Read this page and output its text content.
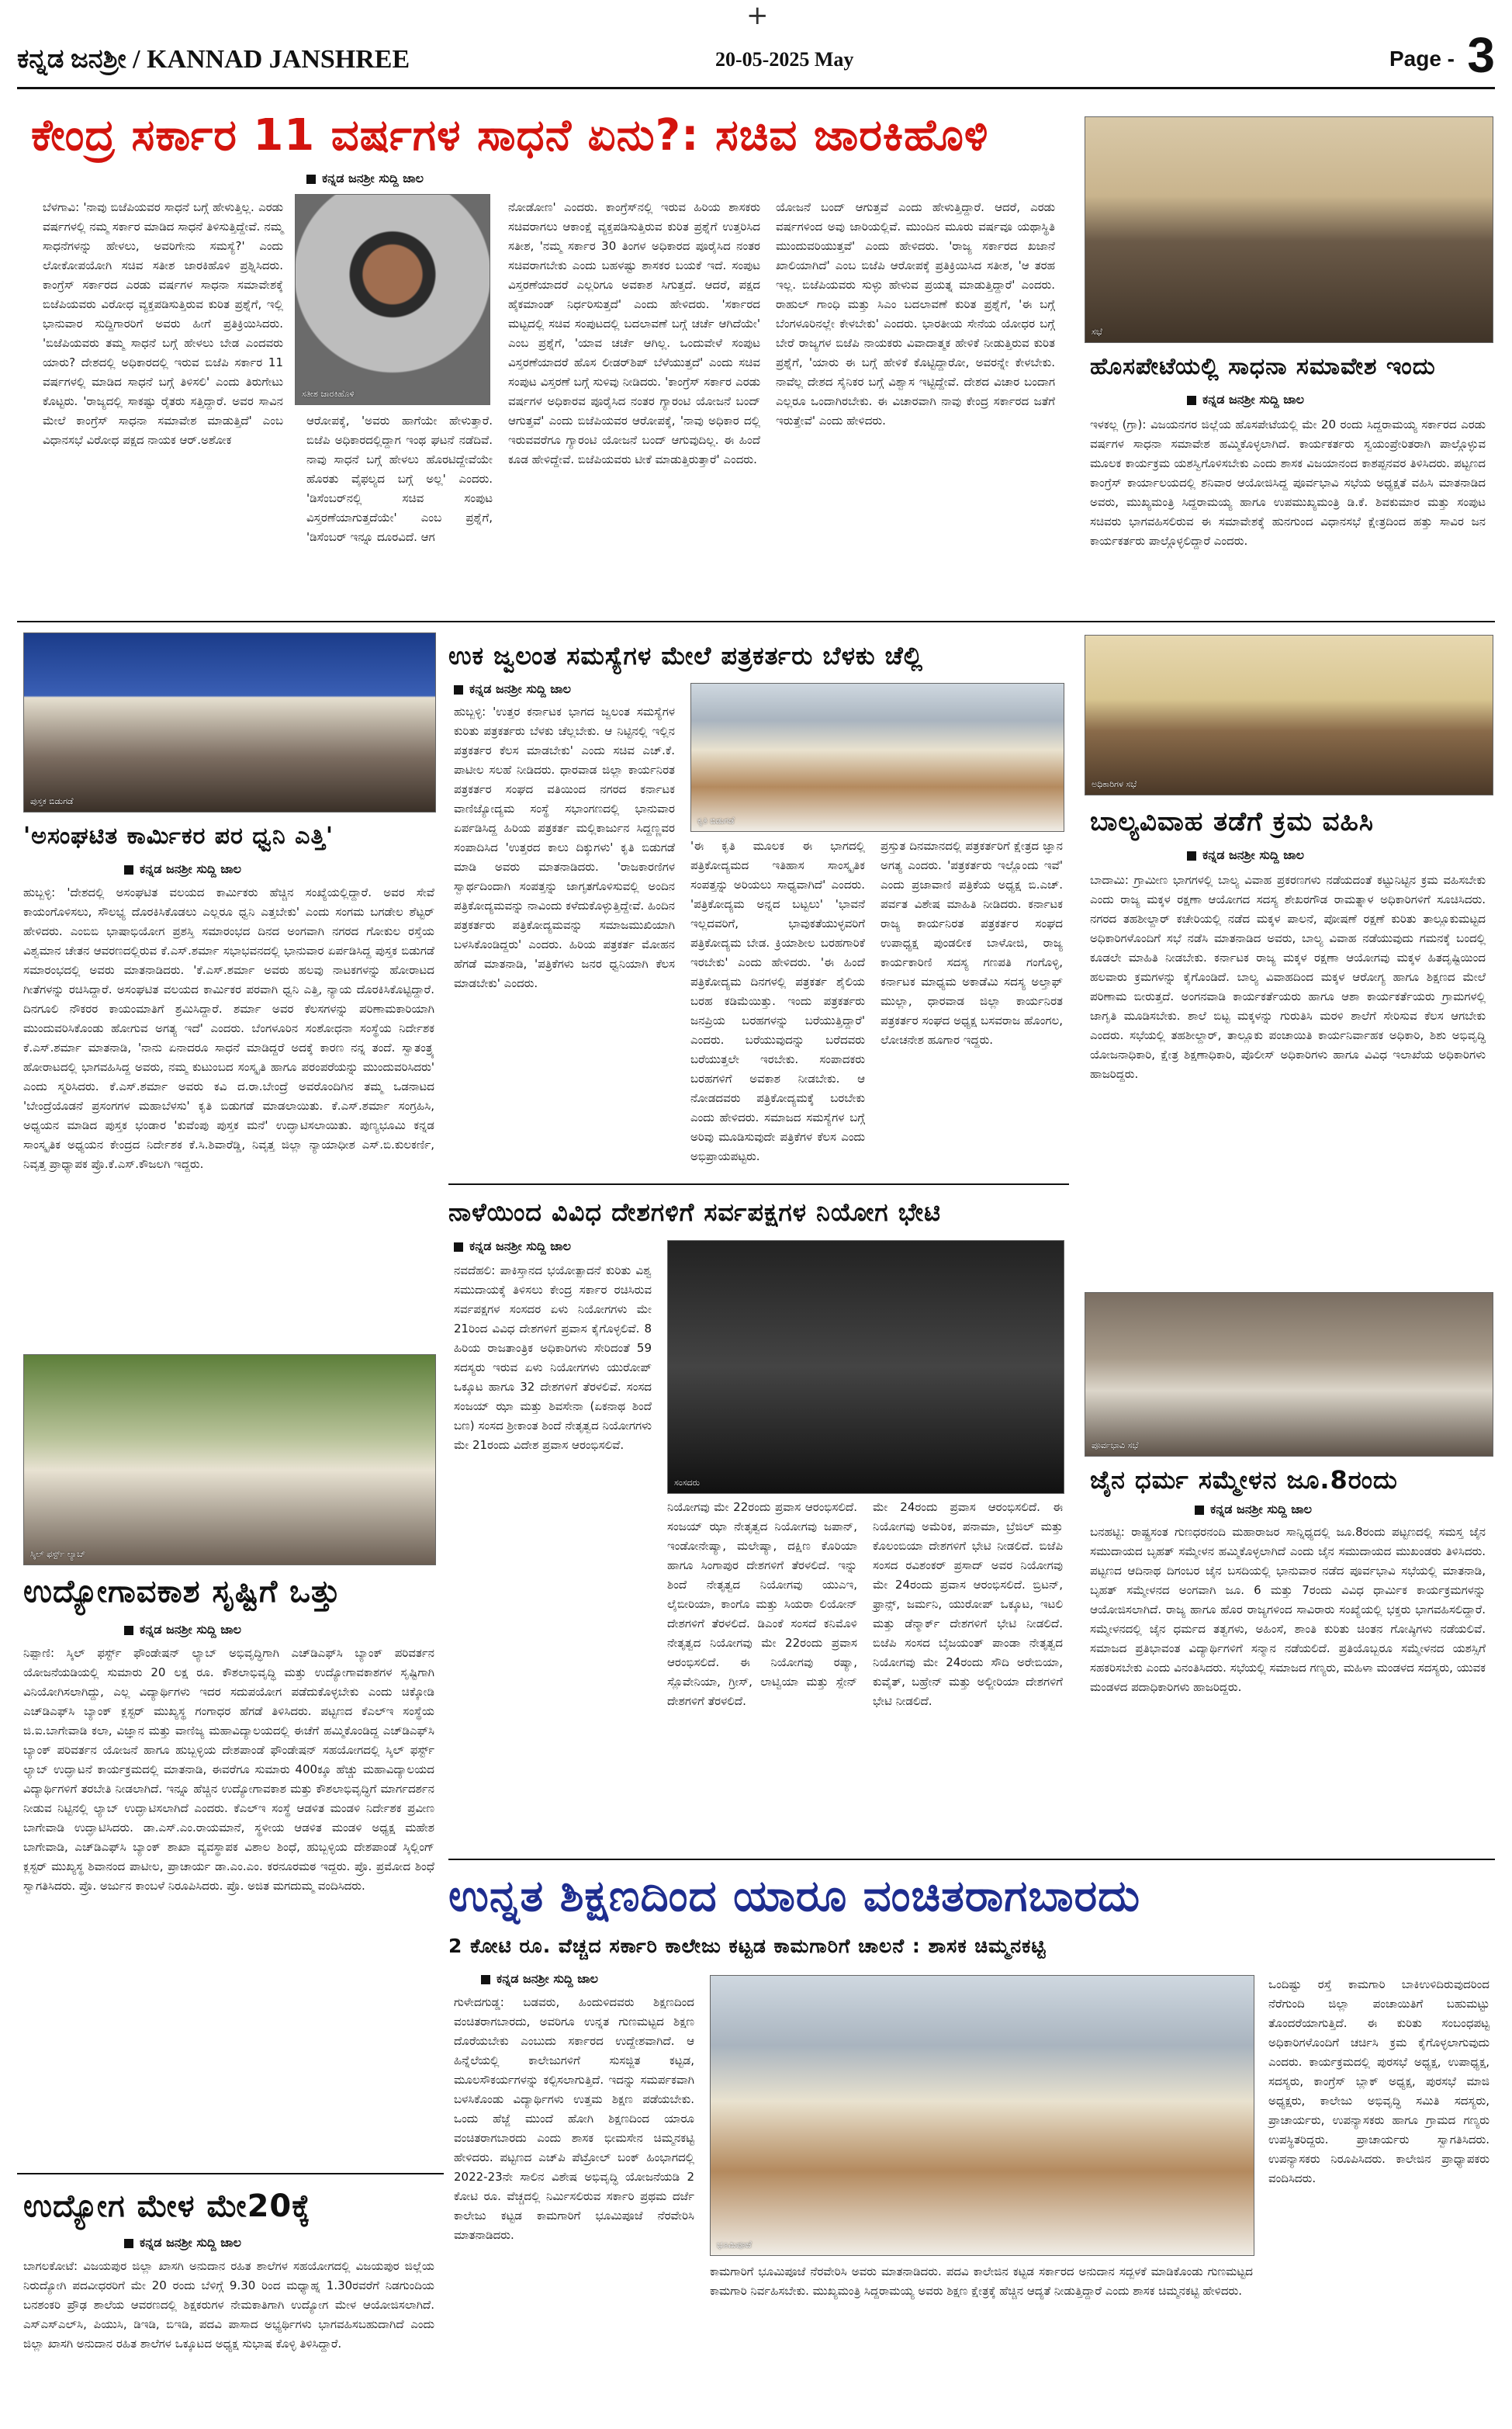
+
ಕನ್ನಡ ಜನಶ್ರೀ / KANNAD JANSHREE	20-05-2025 May	Page - 3
ಕೇಂದ್ರ ಸರ್ಕಾರ 11 ವರ್ಷಗಳ ಸಾಧನೆ ಏನು?: ಸಚಿವ ಜಾರಕಿಹೊಳಿ
ಕನ್ನಡ ಜನಶ್ರೀ ಸುದ್ದಿ ಜಾಲ
ಸತೀಶ ಜಾರಕಿಹೊಳಿ
ಬೆಳಗಾವಿ: 'ನಾವು ಬಿಜೆಪಿಯವರ ಸಾಧನೆ ಬಗ್ಗೆ ಹೇಳುತ್ತಿಲ್ಲ. ಎರಡು ವರ್ಷಗಳಲ್ಲಿ ನಮ್ಮ ಸರ್ಕಾರ ಮಾಡಿದ ಸಾಧನೆ ತಿಳಿಸುತ್ತಿದ್ದೇವೆ. ನಮ್ಮ ಸಾಧನೆಗಳನ್ನು ಹೇಳಲು, ಅವರಿಗೇನು ಸಮಸ್ಯೆ?' ಎಂದು ಲೋಕೋಪಯೋಗಿ ಸಚಿವ ಸತೀಶ ಜಾರಕಿಹೊಳಿ ಪ್ರಶ್ನಿಸಿದರು. ಕಾಂಗ್ರೆಸ್ ಸರ್ಕಾರದ ಎರಡು ವರ್ಷಗಳ ಸಾಧನಾ ಸಮಾವೇಶಕ್ಕೆ ಬಿಜೆಪಿಯವರು ವಿರೋಧ ವ್ಯಕ್ತಪಡಿಸುತ್ತಿರುವ ಕುರಿತ ಪ್ರಶ್ನೆಗೆ, ಇಲ್ಲಿ ಭಾನುವಾರ ಸುದ್ದಿಗಾರರಿಗೆ ಅವರು ಹೀಗೆ ಪ್ರತಿಕ್ರಿಯಿಸಿದರು. 'ಬಿಜೆಪಿಯವರು ತಮ್ಮ ಸಾಧನೆ ಬಗ್ಗೆ ಹೇಳಲು ಬೇಡ ಎಂದವರು ಯಾರು? ದೇಶದಲ್ಲಿ ಅಧಿಕಾರದಲ್ಲಿ ಇರುವ ಬಿಜೆಪಿ ಸರ್ಕಾರ 11 ವರ್ಷಗಳಲ್ಲಿ ಮಾಡಿದ ಸಾಧನೆ ಬಗ್ಗೆ ತಿಳಿಸಲಿ' ಎಂದು ತಿರುಗೇಟು ಕೊಟ್ಟರು. 'ರಾಜ್ಯದಲ್ಲಿ ಸಾಕಷ್ಟು ರೈತರು ಸತ್ತಿದ್ದಾರೆ. ಅವರ ಸಾವಿನ ಮೇಲೆ ಕಾಂಗ್ರೆಸ್ ಸಾಧನಾ ಸಮಾವೇಶ ಮಾಡುತ್ತಿದೆ' ಎಂಬ ವಿಧಾನಸಭೆ ವಿರೋಧ ಪಕ್ಷದ ನಾಯಕ ಆರ್.ಅಶೋಕ
ಆರೋಪಕ್ಕೆ, 'ಅವರು ಹಾಗೆಯೇ ಹೇಳುತ್ತಾರೆ. ಬಿಜೆಪಿ ಅಧಿಕಾರದಲ್ಲಿದ್ದಾಗ ಇಂಥ ಘಟನೆ ನಡೆದಿವೆ. ನಾವು ಸಾಧನೆ ಬಗ್ಗೆ ಹೇಳಲು ಹೊರಟಿದ್ದೇವೆಯೇ ಹೊರತು ವೈಫಲ್ಯದ ಬಗ್ಗೆ ಅಲ್ಲ' ಎಂದರು. 'ಡಿಸೆಂಬರ್‌ನಲ್ಲಿ ಸಚಿವ ಸಂಪುಟ ವಿಸ್ತರಣೆಯಾಗುತ್ತದೆಯೇ' ಎಂಬ ಪ್ರಶ್ನೆಗೆ, 'ಡಿಸೆಂಬರ್ ಇನ್ನೂ ದೂರವಿದೆ. ಆಗ
ನೋಡೋಣ' ಎಂದರು. ಕಾಂಗ್ರೆಸ್‌ನಲ್ಲಿ ಇರುವ ಹಿರಿಯ ಶಾಸಕರು ಸಚಿವರಾಗಲು ಆಕಾಂಕ್ಷೆ ವ್ಯಕ್ತಪಡಿಸುತ್ತಿರುವ ಕುರಿತ ಪ್ರಶ್ನೆಗೆ ಉತ್ತರಿಸಿದ ಸತೀಶ, 'ನಮ್ಮ ಸರ್ಕಾರ 30 ತಿಂಗಳ ಅಧಿಕಾರದ ಪೂರೈಸಿದ ನಂತರ ಸಚಿವರಾಗಬೇಕು ಎಂದು ಬಹಳಷ್ಟು ಶಾಸಕರ ಬಯಕೆ ಇದೆ. ಸಂಪುಟ ವಿಸ್ತರಣೆಯಾದರೆ ಎಲ್ಲರಿಗೂ ಅವಕಾಶ ಸಿಗುತ್ತದೆ. ಆದರೆ, ಪಕ್ಷದ ಹೈಕಮಾಂಡ್ ನಿರ್ಧರಿಸುತ್ತದೆ' ಎಂದು ಹೇಳಿದರು. 'ಸರ್ಕಾರದ ಮಟ್ಟದಲ್ಲಿ ಸಚಿವ ಸಂಪುಟದಲ್ಲಿ ಬದಲಾವಣೆ ಬಗ್ಗೆ ಚರ್ಚೆ ಆಗಿದೆಯೇ' ಎಂಬ ಪ್ರಶ್ನೆಗೆ, 'ಯಾವ ಚರ್ಚೆ ಆಗಿಲ್ಲ. ಒಂದುವೇಳೆ ಸಂಪುಟ ವಿಸ್ತರಣೆಯಾದರೆ ಹೊಸ ಲೀಡರ್‌ಶಿಪ್ ಬೆಳೆಯುತ್ತದೆ' ಎಂದು ಸಚಿವ ಸಂಪುಟ ವಿಸ್ತರಣೆ ಬಗ್ಗೆ ಸುಳಿವು ನೀಡಿದರು. 'ಕಾಂಗ್ರೆಸ್ ಸರ್ಕಾರ ಎರಡು ವರ್ಷಗಳ ಅಧಿಕಾರವ ಪೂರೈಸಿದ ನಂತರ ಗ್ಯಾರಂಟಿ ಯೋಜನೆ ಬಂದ್ ಆಗುತ್ತವೆ' ಎಂದು ಬಿಜೆಪಿಯವರ ಆರೋಪಕ್ಕೆ, 'ನಾವು ಅಧಿಕಾರ ದಲ್ಲಿ ಇರುವವರೆಗೂ ಗ್ಯಾರಂಟಿ ಯೋಜನೆ ಬಂದ್ ಆಗುವುದಿಲ್ಲ. ಈ ಹಿಂದೆ ಕೂಡ ಹೇಳಿದ್ದೇವೆ. ಬಿಜೆಪಿಯವರು ಟೀಕೆ ಮಾಡುತ್ತಿರುತ್ತಾರೆ' ಎಂದರು.
ಯೋಜನೆ ಬಂದ್ ಆಗುತ್ತವೆ ಎಂದು ಹೇಳುತ್ತಿದ್ದಾರೆ. ಆದರೆ, ಎರಡು ವರ್ಷಗಳಿಂದ ಅವು ಜಾರಿಯಲ್ಲಿವೆ. ಮುಂದಿನ ಮೂರು ವರ್ಷವೂ ಯಥಾಸ್ಥಿತಿ ಮುಂದುವರಿಯುತ್ತವೆ' ಎಂದು ಹೇಳಿದರು. 'ರಾಜ್ಯ ಸರ್ಕಾರದ ಖಜಾನೆ ಖಾಲಿಯಾಗಿದೆ' ಎಂಬ ಬಿಜೆಪಿ ಆರೋಪಕ್ಕೆ ಪ್ರತಿಕ್ರಿಯಿಸಿದ ಸತೀಶ, 'ಆ ತರಹ ಇಲ್ಲ. ಬಿಜೆಪಿಯವರು ಸುಳ್ಳು ಹೇಳುವ ಪ್ರಯತ್ನ ಮಾಡುತ್ತಿದ್ದಾರೆ' ಎಂದರು. ರಾಹುಲ್ ಗಾಂಧಿ ಮತ್ತು ಸಿಎಂ ಬದಲಾವಣೆ ಕುರಿತ ಪ್ರಶ್ನೆಗೆ, 'ಈ ಬಗ್ಗೆ ಬೆಂಗಳೂರಿನಲ್ಲೇ ಕೇಳಬೇಕು' ಎಂದರು. ಭಾರತೀಯ ಸೇನೆಯ ಯೋಧರ ಬಗ್ಗೆ ಬೇರೆ ರಾಜ್ಯಗಳ ಬಿಜೆಪಿ ನಾಯಕರು ವಿವಾದಾತ್ಮಕ ಹೇಳಿಕೆ ನೀಡುತ್ತಿರುವ ಕುರಿತ ಪ್ರಶ್ನೆಗೆ, 'ಯಾರು ಈ ಬಗ್ಗೆ ಹೇಳಿಕೆ ಕೊಟ್ಟಿದ್ದಾರೋ, ಅವರನ್ನೇ ಕೇಳಬೇಕು. ನಾವೆಲ್ಲ ದೇಶದ ಸೈನಿಕರ ಬಗ್ಗೆ ವಿಶ್ವಾಸ ಇಟ್ಟಿದ್ದೇವೆ. ದೇಶದ ವಿಚಾರ ಬಂದಾಗ ಎಲ್ಲರೂ ಒಂದಾಗಿರಬೇಕು. ಈ ವಿಚಾರವಾಗಿ ನಾವು ಕೇಂದ್ರ ಸರ್ಕಾರದ ಜತೆಗೆ ಇರುತ್ತೇವೆ' ಎಂದು ಹೇಳಿದರು.
ಸಭೆ
ಹೊಸಪೇಟೆಯಲ್ಲಿ ಸಾಧನಾ ಸಮಾವೇಶ ಇಂದು
ಕನ್ನಡ ಜನಶ್ರೀ ಸುದ್ದಿ ಜಾಲ
ಇಳಕಲ್ಲ (ಗ್ರಾ): ವಿಜಯನಗರ ಜಿಲ್ಲೆಯ ಹೊಸಪೇಟೆಯಲ್ಲಿ ಮೇ 20 ರಂದು ಸಿದ್ದರಾಮಯ್ಯ ಸರ್ಕಾರದ ಎರಡು ವರ್ಷಗಳ ಸಾಧನಾ ಸಮಾವೇಶ ಹಮ್ಮಿಕೊಳ್ಳಲಾಗಿದೆ. ಕಾರ್ಯಕರ್ತರು ಸ್ವಯಂಪ್ರೇರಿತರಾಗಿ ಪಾಲ್ಗೊಳ್ಳುವ ಮೂಲಕ ಕಾರ್ಯಕ್ರಮ ಯಶಸ್ವಿಗೊಳಿಸಬೇಕು ಎಂದು ಶಾಸಕ ವಿಜಯಾನಂದ ಕಾಶಪ್ಪನವರ ತಿಳಿಸಿದರು. ಪಟ್ಟಣದ ಕಾಂಗ್ರೆಸ್ ಕಾರ್ಯಾಲಯದಲ್ಲಿ ಶನಿವಾರ ಆಯೋಜಿಸಿದ್ದ ಪೂರ್ವಭಾವಿ ಸಭೆಯ ಅಧ್ಯಕ್ಷತೆ ವಹಿಸಿ ಮಾತನಾಡಿದ ಅವರು, ಮುಖ್ಯಮಂತ್ರಿ ಸಿದ್ದರಾಮಯ್ಯ ಹಾಗೂ ಉಪಮುಖ್ಯಮಂತ್ರಿ ಡಿ.ಕೆ. ಶಿವಕುಮಾರ ಮತ್ತು ಸಂಪುಟ ಸಚಿವರು ಭಾಗವಹಿಸಲಿರುವ ಈ ಸಮಾವೇಶಕ್ಕೆ ಹುನಗುಂದ ವಿಧಾನಸಭೆ ಕ್ಷೇತ್ರದಿಂದ ಹತ್ತು ಸಾವಿರ ಜನ ಕಾರ್ಯಕರ್ತರು ಪಾಲ್ಗೊಳ್ಳಲಿದ್ದಾರೆ ಎಂದರು.
ಪುಸ್ತಕ ಬಿಡುಗಡೆ
'ಅಸಂಘಟಿತ ಕಾರ್ಮಿಕರ ಪರ ಧ್ವನಿ ಎತ್ತಿ'
ಕನ್ನಡ ಜನಶ್ರೀ ಸುದ್ದಿ ಜಾಲ
ಹುಬ್ಬಳ್ಳಿ: 'ದೇಶದಲ್ಲಿ ಅಸಂಘಟಿತ ವಲಯದ ಕಾರ್ಮಿಕರು ಹೆಚ್ಚಿನ ಸಂಖ್ಯೆಯಲ್ಲಿದ್ದಾರೆ. ಅವರ ಸೇವೆ ಕಾಯಂಗೊಳಿಸಲು, ಸೌಲಭ್ಯ ದೊರಕಿಸಿಕೊಡಲು ಎಲ್ಲರೂ ಧ್ವನಿ ಎತ್ತಬೇಕು' ಎಂದು ಸಂಗಮ ಬಗಡೇಲ ಶೆಟ್ಟರ್ ಹೇಳಿದರು. ಎಂಬಿಬಿ ಭಾಷಾಭಿಯೋಗ ಪ್ರಶಸ್ತಿ ಸಮಾರಂಭದ ದಿನದ ಅಂಗವಾಗಿ ನಗರದ ಗೋಕುಲ ರಸ್ತೆಯ ವಿಶ್ವಮಾನ ಚೇತನ ಆವರಣದಲ್ಲಿರುವ ಕೆ.ಎಸ್.ಶರ್ಮಾ ಸಭಾಭವನದಲ್ಲಿ ಭಾನುವಾರ ಏರ್ಪಡಿಸಿದ್ದ ಪುಸ್ತಕ ಬಿಡುಗಡೆ ಸಮಾರಂಭದಲ್ಲಿ ಅವರು ಮಾತನಾಡಿದರು. 'ಕೆ.ಎಸ್.ಶರ್ಮಾ ಅವರು ಹಲವು ನಾಟಕಗಳನ್ನು ಹೋರಾಟದ ಗೀತೆಗಳನ್ನು ರಚಿಸಿದ್ದಾರೆ. ಅಸಂಘಟಿತ ವಲಯದ ಕಾರ್ಮಿಕರ ಪರವಾಗಿ ಧ್ವನಿ ಎತ್ತಿ, ನ್ಯಾಯ ದೊರಕಿಸಿಕೊಟ್ಟಿದ್ದಾರೆ. ದಿನಗೂಲಿ ನೌಕರರ ಕಾಯಂಮಾತಿಗೆ ಶ್ರಮಿಸಿದ್ದಾರೆ. ಶರ್ಮಾ ಅವರ ಕೆಲಸಗಳನ್ನು ಪರಿಣಾಮಕಾರಿಯಾಗಿ ಮುಂದುವರಿಸಿಕೊಂಡು ಹೋಗುವ ಅಗತ್ಯ ಇದೆ' ಎಂದರು. ಬೆಂಗಳೂರಿನ ಸಂಶೋಧನಾ ಸಂಸ್ಥೆಯ ನಿರ್ದೇಶಕ ಕೆ.ಎಸ್.ಶರ್ಮಾ ಮಾತನಾಡಿ, 'ನಾನು ಏನಾದರೂ ಸಾಧನೆ ಮಾಡಿದ್ದರೆ ಅದಕ್ಕೆ ಕಾರಣ ನನ್ನ ತಂದೆ. ಸ್ವಾತಂತ್ರ್ಯ ಹೋರಾಟದಲ್ಲಿ ಭಾಗವಹಿಸಿದ್ದ ಅವರು, ನಮ್ಮ ಕುಟುಂಬದ ಸಂಸ್ಕೃತಿ ಹಾಗೂ ಪರಂಪರೆಯನ್ನು ಮುಂದುವರಿಸಿದರು' ಎಂದು ಸ್ಮರಿಸಿದರು. ಕೆ.ಎಸ್.ಶರ್ಮಾ ಅವರು ಕವಿ ದ.ರಾ.ಬೇಂದ್ರೆ ಅವರೊಂದಿಗಿನ ತಮ್ಮ ಒಡನಾಟದ 'ಬೇಂದ್ರೆಯೊಡನೆ ಪ್ರಸಂಗಗಳ ಮಹಾಬೆಳಸು' ಕೃತಿ ಬಿಡುಗಡೆ ಮಾಡಲಾಯಿತು. ಕೆ.ಎಸ್.ಶರ್ಮಾ ಸಂಗ್ರಹಿಸಿ, ಅಧ್ಯಯನ ಮಾಡಿದ ಪುಸ್ತಕ ಭಂಡಾರ 'ಕುವೆಂಪು ಪುಸ್ತಕ ಮನೆ' ಉದ್ಘಾಟಿಸಲಾಯಿತು. ಪುಣ್ಯಭೂಮಿ ಕನ್ನಡ ಸಾಂಸ್ಕೃತಿಕ ಅಧ್ಯಯನ ಕೇಂದ್ರದ ನಿರ್ದೇಶಕ ಕೆ.ಸಿ.ಶಿವಾರೆಡ್ಡಿ, ನಿವೃತ್ತ ಜಿಲ್ಲಾ ನ್ಯಾಯಾಧೀಶ ಎಸ್.ಬಿ.ಕುಲಕರ್ಣಿ, ನಿವೃತ್ತ ಪ್ರಾಧ್ಯಾಪಕ ಪ್ರೊ.ಕೆ.ಎಸ್.ಕೌಜಲಗಿ ಇದ್ದರು.
ಉಕ ಜ್ವಲಂತ ಸಮಸ್ಯೆಗಳ ಮೇಲೆ ಪತ್ರಕರ್ತರು ಬೆಳಕು ಚೆಲ್ಲಿ
ಕನ್ನಡ ಜನಶ್ರೀ ಸುದ್ದಿ ಜಾಲ
ಕೃತಿ ಬಿಡುಗಡೆ
ಹುಬ್ಬಳ್ಳಿ: 'ಉತ್ತರ ಕರ್ನಾಟಕ ಭಾಗದ ಜ್ವಲಂತ ಸಮಸ್ಯೆಗಳ ಕುರಿತು ಪತ್ರಕರ್ತರು ಬೆಳಕು ಚೆಲ್ಲಬೇಕು. ಆ ನಿಟ್ಟಿನಲ್ಲಿ ಇಲ್ಲಿನ ಪತ್ರಕರ್ತರ ಕೆಲಸ ಮಾಡಬೇಕು' ಎಂದು ಸಚಿವ ಎಚ್.ಕೆ. ಪಾಟೀಲ ಸಲಹೆ ನೀಡಿದರು. ಧಾರವಾಡ ಜಿಲ್ಲಾ ಕಾರ್ಯನಿರತ ಪತ್ರಕರ್ತರ ಸಂಘದ ವತಿಯಿಂದ ನಗರದ ಕರ್ನಾಟಕ ವಾಣಿಜ್ಯೋದ್ಯಮ ಸಂಸ್ಥೆ ಸಭಾಂಗಣದಲ್ಲಿ ಭಾನುವಾರ ಏರ್ಪಡಿಸಿದ್ದ ಹಿರಿಯ ಪತ್ರಕರ್ತ ಮಲ್ಲಿಕಾರ್ಜುನ ಸಿದ್ದಣ್ಣವರ ಸಂಪಾದಿಸಿದ 'ಉತ್ತರದ ಕಾಲು ದಿಕ್ಕುಗಳು' ಕೃತಿ ಬಿಡುಗಡೆ ಮಾಡಿ ಅವರು ಮಾತನಾಡಿದರು. 'ರಾಜಕಾರಣಿಗಳ ಸ್ವಾರ್ಥದಿಂದಾಗಿ ಸಂಪತ್ತನ್ನು ಜಾಗೃತಗೊಳಿಸುವಲ್ಲಿ ಅಂದಿನ ಪತ್ರಿಕೋದ್ಯಮವನ್ನು ನಾವಿಂದು ಕಳೆದುಕೊಳ್ಳುತ್ತಿದ್ದೇವೆ. ಹಿಂದಿನ ಪತ್ರಕರ್ತರು ಪತ್ರಿಕೋದ್ಯಮವನ್ನು ಸಮಾಜಮುಖಿಯಾಗಿ ಬಳಸಿಕೊಂಡಿದ್ದರು' ಎಂದರು. ಹಿರಿಯ ಪತ್ರಕರ್ತ ಮೋಹನ ಹೆಗಡೆ ಮಾತನಾಡಿ, 'ಪತ್ರಿಕೆಗಳು ಜನರ ಧ್ವನಿಯಾಗಿ ಕೆಲಸ ಮಾಡಬೇಕು' ಎಂದರು.
'ಈ ಕೃತಿ ಮೂಲಕ ಈ ಭಾಗದಲ್ಲಿ ಪತ್ರಿಕೋದ್ಯಮದ ಇತಿಹಾಸ ಸಾಂಸ್ಕೃತಿಕ ಸಂಪತ್ತನ್ನು ಅರಿಯಲು ಸಾಧ್ಯವಾಗಿದೆ' ಎಂದರು. 'ಪತ್ರಿಕೋದ್ಯಮ ಅನ್ನದ ಬಟ್ಟಲು' 'ಭಾವನೆ ಇಲ್ಲದವರಿಗೆ, ಭಾವುಕತೆಯುಳ್ಳವರಿಗೆ ಪತ್ರಿಕೋದ್ಯಮ ಬೇಡ. ಕ್ರಿಯಾಶೀಲ ಬರಹಗಾರಿಕೆ ಇರಬೇಕು' ಎಂದು ಹೇಳಿದರು. 'ಈ ಹಿಂದೆ ಪತ್ರಿಕೋದ್ಯಮ ದಿನಗಳಲ್ಲಿ ಪತ್ರಕರ್ತ ಶೈಲಿಯ ಬರಹ ಕಡಿಮೆಯಿತ್ತು. ಇಂದು ಪತ್ರಕರ್ತರು ಜನಪ್ರಿಯ ಬರಹಗಳನ್ನು ಬರೆಯುತ್ತಿದ್ದಾರೆ' ಎಂದರು. ಬರೆಯುವುದನ್ನು ಬರೆದವರು ಬರೆಯುತ್ತಲೇ ಇರಬೇಕು. ಸಂಪಾದಕರು ಬರಹಗಳಿಗೆ ಅವಕಾಶ ನೀಡಬೇಕು. ಆ ನೋಡದವರು ಪತ್ರಿಕೋದ್ಯಮಕ್ಕೆ ಬರಬೇಕು ಎಂದು ಹೇಳಿದರು. ಸಮಾಜದ ಸಮಸ್ಯೆಗಳ ಬಗ್ಗೆ ಅರಿವು ಮೂಡಿಸುವುದೇ ಪತ್ರಿಕೆಗಳ ಕೆಲಸ ಎಂದು ಅಭಿಪ್ರಾಯಪಟ್ಟರು.
ಪ್ರಸ್ತುತ ದಿನಮಾನದಲ್ಲಿ ಪತ್ರಕರ್ತರಿಗೆ ಕ್ಷೇತ್ರದ ಜ್ಞಾನ ಅಗತ್ಯ ಎಂದರು. 'ಪತ್ರಕರ್ತರು ಇಲ್ಲೊಂದು ಇವೆ' ಎಂದು ಪ್ರಜಾವಾಣಿ ಪತ್ರಿಕೆಯ ಅಧ್ಯಕ್ಷ ಬಿ.ಎಚ್. ಪರ್ವತ ವಿಶೇಷ ಮಾಹಿತಿ ನೀಡಿದರು. ಕರ್ನಾಟಕ ರಾಜ್ಯ ಕಾರ್ಯನಿರತ ಪತ್ರಕರ್ತರ ಸಂಘದ ಉಪಾಧ್ಯಕ್ಷ ಪುಂಡಲೀಕ ಬಾಳೋಜಿ, ರಾಜ್ಯ ಕಾರ್ಯಕಾರಿಣಿ ಸದಸ್ಯ ಗಣಪತಿ ಗಂಗೊಳ್ಳಿ, ಕರ್ನಾಟಕ ಮಾಧ್ಯಮ ಅಕಾಡೆಮಿ ಸದಸ್ಯ ಅಲ್ತಾಫ್ ಮುಲ್ಲಾ, ಧಾರವಾಡ ಜಿಲ್ಲಾ ಕಾರ್ಯನಿರತ ಪತ್ರಕರ್ತರ ಸಂಘದ ಅಧ್ಯಕ್ಷ ಬಸವರಾಜ ಹೊಂಗಲ, ಲೋಚನೇಶ ಹೂಗಾರ ಇದ್ದರು.
ಅಧಿಕಾರಿಗಳ ಸಭೆ
ಬಾಲ್ಯವಿವಾಹ ತಡೆಗೆ ಕ್ರಮ ವಹಿಸಿ
ಕನ್ನಡ ಜನಶ್ರೀ ಸುದ್ದಿ ಜಾಲ
ಬಾದಾಮಿ: ಗ್ರಾಮೀಣ ಭಾಗಗಳಲ್ಲಿ ಬಾಲ್ಯ ವಿವಾಹ ಪ್ರಕರಣಗಳು ನಡೆಯದಂತೆ ಕಟ್ಟುನಿಟ್ಟಿನ ಕ್ರಮ ವಹಿಸಬೇಕು ಎಂದು ರಾಜ್ಯ ಮಕ್ಕಳ ರಕ್ಷಣಾ ಆಯೋಗದ ಸದಸ್ಯ ಶೇಖರಗೌಡ ರಾಮತ್ನಾಳ ಅಧಿಕಾರಿಗಳಿಗೆ ಸೂಚಿಸಿದರು. ನಗರದ ತಹಶೀಲ್ದಾರ್ ಕಚೇರಿಯಲ್ಲಿ ನಡೆದ ಮಕ್ಕಳ ಪಾಲನೆ, ಪೋಷಣೆ ರಕ್ಷಣೆ ಕುರಿತು ತಾಲ್ಲೂಕುಮಟ್ಟದ ಅಧಿಕಾರಿಗಳೊಂದಿಗೆ ಸಭೆ ನಡೆಸಿ ಮಾತನಾಡಿದ ಅವರು, ಬಾಲ್ಯ ವಿವಾಹ ನಡೆಯುವುದು ಗಮನಕ್ಕೆ ಬಂದಲ್ಲಿ ಕೂಡಲೇ ಮಾಹಿತಿ ನೀಡಬೇಕು. ಕರ್ನಾಟಕ ರಾಜ್ಯ ಮಕ್ಕಳ ರಕ್ಷಣಾ ಆಯೋಗವು ಮಕ್ಕಳ ಹಿತದೃಷ್ಟಿಯಿಂದ ಹಲವಾರು ಕ್ರಮಗಳನ್ನು ಕೈಗೊಂಡಿದೆ. ಬಾಲ್ಯ ವಿವಾಹದಿಂದ ಮಕ್ಕಳ ಆರೋಗ್ಯ ಹಾಗೂ ಶಿಕ್ಷಣದ ಮೇಲೆ ಪರಿಣಾಮ ಬೀರುತ್ತದೆ. ಅಂಗನವಾಡಿ ಕಾರ್ಯಕರ್ತೆಯರು ಹಾಗೂ ಆಶಾ ಕಾರ್ಯಕರ್ತೆಯರು ಗ್ರಾಮಗಳಲ್ಲಿ ಜಾಗೃತಿ ಮೂಡಿಸಬೇಕು. ಶಾಲೆ ಬಿಟ್ಟ ಮಕ್ಕಳನ್ನು ಗುರುತಿಸಿ ಮರಳಿ ಶಾಲೆಗೆ ಸೇರಿಸುವ ಕೆಲಸ ಆಗಬೇಕು ಎಂದರು. ಸಭೆಯಲ್ಲಿ ತಹಶೀಲ್ದಾರ್, ತಾಲ್ಲೂಕು ಪಂಚಾಯಿತಿ ಕಾರ್ಯನಿರ್ವಾಹಕ ಅಧಿಕಾರಿ, ಶಿಶು ಅಭಿವೃದ್ಧಿ ಯೋಜನಾಧಿಕಾರಿ, ಕ್ಷೇತ್ರ ಶಿಕ್ಷಣಾಧಿಕಾರಿ, ಪೊಲೀಸ್ ಅಧಿಕಾರಿಗಳು ಹಾಗೂ ವಿವಿಧ ಇಲಾಖೆಯ ಅಧಿಕಾರಿಗಳು ಹಾಜರಿದ್ದರು.
ನಾಳೆಯಿಂದ ವಿವಿಧ ದೇಶಗಳಿಗೆ ಸರ್ವಪಕ್ಷಗಳ ನಿಯೋಗ ಭೇಟಿ
ಕನ್ನಡ ಜನಶ್ರೀ ಸುದ್ದಿ ಜಾಲ
ಸಂಸದರು
ನವದೆಹಲಿ: ಪಾಕಿಸ್ತಾನದ ಭಯೋತ್ಪಾದನೆ ಕುರಿತು ವಿಶ್ವ ಸಮುದಾಯಕ್ಕೆ ತಿಳಿಸಲು ಕೇಂದ್ರ ಸರ್ಕಾರ ರಚಿಸಿರುವ ಸರ್ವಪಕ್ಷಗಳ ಸಂಸದರ ಏಳು ನಿಯೋಗಗಳು ಮೇ 21ರಿಂದ ವಿವಿಧ ದೇಶಗಳಿಗೆ ಪ್ರವಾಸ ಕೈಗೊಳ್ಳಲಿವೆ. 8 ಹಿರಿಯ ರಾಜತಾಂತ್ರಿಕ ಅಧಿಕಾರಿಗಳು ಸೇರಿದಂತೆ 59 ಸದಸ್ಯರು ಇರುವ ಏಳು ನಿಯೋಗಗಳು ಯುರೋಪ್ ಒಕ್ಕೂಟ ಹಾಗೂ 32 ದೇಶಗಳಿಗೆ ತೆರಳಲಿವೆ. ಸಂಸದ ಸಂಜಯ್ ಝಾ ಮತ್ತು ಶಿವಸೇನಾ (ಏಕನಾಥ ಶಿಂದೆ ಬಣ) ಸಂಸದ ಶ್ರೀಕಾಂತ ಶಿಂದೆ ನೇತೃತ್ವದ ನಿಯೋಗಗಳು ಮೇ 21ರಂದು ವಿದೇಶ ಪ್ರವಾಸ ಆರಂಭಿಸಲಿವೆ.
ನಿಯೋಗವು ಮೇ 22ರಂದು ಪ್ರವಾಸ ಆರಂಭಿಸಲಿದೆ. ಸಂಜಯ್ ಝಾ ನೇತೃತ್ವದ ನಿಯೋಗವು ಜಪಾನ್, ಇಂಡೋನೇಷ್ಯಾ, ಮಲೇಷ್ಯಾ, ದಕ್ಷಿಣ ಕೊರಿಯಾ ಹಾಗೂ ಸಿಂಗಾಪುರ ದೇಶಗಳಿಗೆ ತೆರಳಲಿದೆ. ಇನ್ನು ಶಿಂದೆ ನೇತೃತ್ವದ ನಿಯೋಗವು ಯುಎಇ, ಲೈಬೀರಿಯಾ, ಕಾಂಗೊ ಮತ್ತು ಸಿಯರಾ ಲಿಯೋನ್ ದೇಶಗಳಿಗೆ ತೆರಳಲಿದೆ. ಡಿಎಂಕೆ ಸಂಸದೆ ಕನಿಮೊಳಿ ನೇತೃತ್ವದ ನಿಯೋಗವು ಮೇ 22ರಂದು ಪ್ರವಾಸ ಆರಂಭಿಸಲಿದೆ. ಈ ನಿಯೋಗವು ರಷ್ಯಾ, ಸ್ಲೊವೇನಿಯಾ, ಗ್ರೀಸ್, ಲಾಟ್ವಿಯಾ ಮತ್ತು ಸ್ಪೇನ್ ದೇಶಗಳಿಗೆ ತೆರಳಲಿದೆ.
ಮೇ 24ರಂದು ಪ್ರವಾಸ ಆರಂಭಿಸಲಿದೆ. ಈ ನಿಯೋಗವು ಅಮೆರಿಕ, ಪನಾಮಾ, ಬ್ರೆಜಿಲ್ ಮತ್ತು ಕೊಲಂಬಿಯಾ ದೇಶಗಳಿಗೆ ಭೇಟಿ ನೀಡಲಿದೆ. ಬಿಜೆಪಿ ಸಂಸದ ರವಿಶಂಕರ್ ಪ್ರಸಾದ್ ಅವರ ನಿಯೋಗವು ಮೇ 24ರಂದು ಪ್ರವಾಸ ಆರಂಭಿಸಲಿದೆ. ಬ್ರಿಟನ್, ಫ್ರಾನ್ಸ್, ಜರ್ಮನಿ, ಯುರೋಪ್ ಒಕ್ಕೂಟ, ಇಟಲಿ ಮತ್ತು ಡೆನ್ಮಾರ್ಕ್ ದೇಶಗಳಿಗೆ ಭೇಟಿ ನೀಡಲಿದೆ. ಬಿಜೆಪಿ ಸಂಸದ ಬೈಜಯಂತ್ ಪಾಂಡಾ ನೇತೃತ್ವದ ನಿಯೋಗವು ಮೇ 24ರಂದು ಸೌದಿ ಅರೇಬಿಯಾ, ಕುವೈತ್, ಬಹ್ರೇನ್ ಮತ್ತು ಅಲ್ಜೀರಿಯಾ ದೇಶಗಳಿಗೆ ಭೇಟಿ ನೀಡಲಿದೆ.
ಪೂರ್ವಭಾವಿ ಸಭೆ
ಜೈನ ಧರ್ಮ ಸಮ್ಮೇಳನ ಜೂ.8ರಂದು
ಕನ್ನಡ ಜನಶ್ರೀ ಸುದ್ದಿ ಜಾಲ
ಬನಹಟ್ಟಿ: ರಾಷ್ಟ್ರಸಂತ ಗುಣಧರನಂದಿ ಮಹಾರಾಜರ ಸಾನ್ನಿಧ್ಯದಲ್ಲಿ ಜೂ.8ರಂದು ಪಟ್ಟಣದಲ್ಲಿ ಸಮಸ್ತ ಜೈನ ಸಮುದಾಯದ ಬೃಹತ್ ಸಮ್ಮೇಳನ ಹಮ್ಮಿಕೊಳ್ಳಲಾಗಿದೆ ಎಂದು ಜೈನ ಸಮುದಾಯದ ಮುಖಂಡರು ತಿಳಿಸಿದರು. ಪಟ್ಟಣದ ಆದಿನಾಥ ದಿಗಂಬರ ಜೈನ ಬಸದಿಯಲ್ಲಿ ಭಾನುವಾರ ನಡೆದ ಪೂರ್ವಭಾವಿ ಸಭೆಯಲ್ಲಿ ಮಾತನಾಡಿ, ಬೃಹತ್ ಸಮ್ಮೇಳನದ ಅಂಗವಾಗಿ ಜೂ. 6 ಮತ್ತು 7ರಂದು ವಿವಿಧ ಧಾರ್ಮಿಕ ಕಾರ್ಯಕ್ರಮಗಳನ್ನು ಆಯೋಜಿಸಲಾಗಿದೆ. ರಾಜ್ಯ ಹಾಗೂ ಹೊರ ರಾಜ್ಯಗಳಿಂದ ಸಾವಿರಾರು ಸಂಖ್ಯೆಯಲ್ಲಿ ಭಕ್ತರು ಭಾಗವಹಿಸಲಿದ್ದಾರೆ. ಸಮ್ಮೇಳನದಲ್ಲಿ ಜೈನ ಧರ್ಮದ ತತ್ವಗಳು, ಅಹಿಂಸೆ, ಶಾಂತಿ ಕುರಿತು ಚಿಂತನ ಗೋಷ್ಠಿಗಳು ನಡೆಯಲಿವೆ. ಸಮಾಜದ ಪ್ರತಿಭಾವಂತ ವಿದ್ಯಾರ್ಥಿಗಳಿಗೆ ಸನ್ಮಾನ ನಡೆಯಲಿದೆ. ಪ್ರತಿಯೊಬ್ಬರೂ ಸಮ್ಮೇಳನದ ಯಶಸ್ಸಿಗೆ ಸಹಕರಿಸಬೇಕು ಎಂದು ವಿನಂತಿಸಿದರು. ಸಭೆಯಲ್ಲಿ ಸಮಾಜದ ಗಣ್ಯರು, ಮಹಿಳಾ ಮಂಡಳದ ಸದಸ್ಯರು, ಯುವಕ ಮಂಡಳದ ಪದಾಧಿಕಾರಿಗಳು ಹಾಜರಿದ್ದರು.
ಸ್ಕಿಲ್ ಫರ್ಸ್ಟ್ ಲ್ಯಾಬ್
ಉದ್ಯೋಗಾವಕಾಶ ಸೃಷ್ಟಿಗೆ ಒತ್ತು
ಕನ್ನಡ ಜನಶ್ರೀ ಸುದ್ದಿ ಜಾಲ
ನಿಪ್ಪಾಣಿ: ಸ್ಕಿಲ್ ಫರ್ಸ್ಟ್ ಫೌಂಡೇಷನ್ ಲ್ಯಾಬ್ ಅಭಿವೃದ್ಧಿಗಾಗಿ ಎಚ್‌ಡಿಎಫ್‌ಸಿ ಬ್ಯಾಂಕ್ ಪರಿವರ್ತನ ಯೋಜನೆಯಡಿಯಲ್ಲಿ ಸುಮಾರು 20 ಲಕ್ಷ ರೂ. ಕೌಶಲಾಭಿವೃದ್ಧಿ ಮತ್ತು ಉದ್ಯೋಗಾವಕಾಶಗಳ ಸೃಷ್ಟಿಗಾಗಿ ವಿನಿಯೋಗಿಸಲಾಗಿದ್ದು, ಎಲ್ಲ ವಿದ್ಯಾರ್ಥಿಗಳು ಇದರ ಸದುಪಯೋಗ ಪಡೆದುಕೊಳ್ಳಬೇಕು ಎಂದು ಚಿಕ್ಕೋಡಿ ಎಚ್‌ಡಿಎಫ್‌ಸಿ ಬ್ಯಾಂಕ್ ಕ್ಲಸ್ಟರ್ ಮುಖ್ಯಸ್ಥ ಗಂಗಾಧರ ಹೆಗಡೆ ತಿಳಿಸಿದರು. ಪಟ್ಟಣದ ಕೆಎಲ್‌ಇ ಸಂಸ್ಥೆಯ ಜಿ.ಐ.ಬಾಗೇವಾಡಿ ಕಲಾ, ವಿಜ್ಞಾನ ಮತ್ತು ವಾಣಿಜ್ಯ ಮಹಾವಿದ್ಯಾಲಯದಲ್ಲಿ ಈಚೆಗೆ ಹಮ್ಮಿಕೊಂಡಿದ್ದ ಎಚ್‌ಡಿಎಫ್‌ಸಿ ಬ್ಯಾಂಕ್ ಪರಿವರ್ತನ ಯೋಜನೆ ಹಾಗೂ ಹುಬ್ಬಳ್ಳಿಯ ದೇಶಪಾಂಡೆ ಫೌಂಡೇಷನ್ ಸಹಯೋಗದಲ್ಲಿ ಸ್ಕಿಲ್ ಫರ್ಸ್ಟ್ ಲ್ಯಾಬ್ ಉದ್ಘಾಟನೆ ಕಾರ್ಯಕ್ರಮದಲ್ಲಿ ಮಾತನಾಡಿ, ಈವರೆಗೂ ಸುಮಾರು 400ಕ್ಕೂ ಹೆಚ್ಚು ಮಹಾವಿದ್ಯಾಲಯದ ವಿದ್ಯಾರ್ಥಿಗಳಿಗೆ ತರಬೇತಿ ನೀಡಲಾಗಿದೆ. ಇನ್ನೂ ಹೆಚ್ಚಿನ ಉದ್ಯೋಗಾವಕಾಶ ಮತ್ತು ಕೌಶಲಾಭಿವೃದ್ಧಿಗೆ ಮಾರ್ಗದರ್ಶನ ನೀಡುವ ನಿಟ್ಟಿನಲ್ಲಿ ಲ್ಯಾಬ್ ಉದ್ಘಾಟಿಸಲಾಗಿದೆ ಎಂದರು. ಕೆಎಲ್‌ಇ ಸಂಸ್ಥೆ ಆಡಳಿತ ಮಂಡಳಿ ನಿರ್ದೇಶಕ ಪ್ರವೀಣ ಬಾಗೇವಾಡಿ ಉದ್ಘಾಟಿಸಿದರು. ಡಾ.ಎಸ್.ಎಂ.ರಾಯಮಾನೆ, ಸ್ಥಳೀಯ ಆಡಳಿತ ಮಂಡಳಿ ಅಧ್ಯಕ್ಷ ಮಹೇಶ ಬಾಗೇವಾಡಿ, ಎಚ್‌ಡಿಎಫ್‌ಸಿ ಬ್ಯಾಂಕ್ ಶಾಖಾ ವ್ಯವಸ್ಥಾಪಕ ವಿಶಾಲ ಶಿಂಧೆ, ಹುಬ್ಬಳ್ಳಿಯ ದೇಶಪಾಂಡೆ ಸ್ಕಿಲ್ಲಿಂಗ್ ಕ್ಲಸ್ಟರ್ ಮುಖ್ಯಸ್ಥ ಶಿವಾನಂದ ಪಾಟೀಲ, ಪ್ರಾಚಾರ್ಯ ಡಾ.ಎಂ.ಎಂ. ಕರನೂರಮಠ ಇದ್ದರು. ಪ್ರೊ. ಪ್ರಮೋದ ಶಿಂಧೆ ಸ್ವಾಗತಿಸಿದರು. ಪ್ರೊ. ಅರ್ಜುನ ಕಾಂಬಳೆ ನಿರೂಪಿಸಿದರು. ಪ್ರೊ. ಅಜಿತ ಮಗದುಮ್ಮ ವಂದಿಸಿದರು.
ಉದ್ಯೋಗ ಮೇಳ ಮೇ20ಕ್ಕೆ
ಕನ್ನಡ ಜನಶ್ರೀ ಸುದ್ದಿ ಜಾಲ
ಬಾಗಲಕೋಟೆ: ವಿಜಯಪುರ ಜಿಲ್ಲಾ ಖಾಸಗಿ ಅನುದಾನ ರಹಿತ ಶಾಲೆಗಳ ಸಹಯೋಗದಲ್ಲಿ ವಿಜಯಪುರ ಜಿಲ್ಲೆಯ ನಿರುದ್ಯೋಗಿ ಪದವೀಧರರಿಗೆ ಮೇ 20 ರಂದು ಬೆಳಿಗ್ಗೆ 9.30 ರಿಂದ ಮಧ್ಯಾಹ್ನ 1.30ರವರೆಗೆ ನಿಡಗುಂದಿಯ ಬನಶಂಕರಿ ಪ್ರೌಢ ಶಾಲೆಯ ಆವರಣದಲ್ಲಿ ಶಿಕ್ಷಕರುಗಳ ನೇಮಕಾತಿಗಾಗಿ ಉದ್ಯೋಗ ಮೇಳ ಆಯೋಜಿಸಲಾಗಿದೆ. ಎಸ್‌ಎಸ್‌ಎಲ್‌ಸಿ, ಪಿಯುಸಿ, ಡಿಇಡಿ, ಬಿಇಡಿ, ಪದವಿ ಪಾಸಾದ ಅಭ್ಯರ್ಥಿಗಳು ಭಾಗವಹಿಸಬಹುದಾಗಿದೆ ಎಂದು ಜಿಲ್ಲಾ ಖಾಸಗಿ ಅನುದಾನ ರಹಿತ ಶಾಲೆಗಳ ಒಕ್ಕೂಟದ ಅಧ್ಯಕ್ಷ ಸುಭಾಷ ಕೊಳ್ಳಿ ತಿಳಿಸಿದ್ದಾರೆ.
ಉನ್ನತ ಶಿಕ್ಷಣದಿಂದ ಯಾರೂ ವಂಚಿತರಾಗಬಾರದು
2 ಕೋಟಿ ರೂ. ವೆಚ್ಚದ ಸರ್ಕಾರಿ ಕಾಲೇಜು ಕಟ್ಟಡ ಕಾಮಗಾರಿಗೆ ಚಾಲನೆ : ಶಾಸಕ ಚಿಮ್ಮನಕಟ್ಟಿ
ಕನ್ನಡ ಜನಶ್ರೀ ಸುದ್ದಿ ಜಾಲ
ಗುಳೇದಗುಡ್ಡ: ಬಡವರು, ಹಿಂದುಳಿದವರು ಶಿಕ್ಷಣದಿಂದ ವಂಚಿತರಾಗಬಾರದು, ಅವರಿಗೂ ಉನ್ನತ ಗುಣಮಟ್ಟದ ಶಿಕ್ಷಣ ದೊರೆಯಬೇಕು ಎಂಬುದು ಸರ್ಕಾರದ ಉದ್ದೇಶವಾಗಿದೆ. ಆ ಹಿನ್ನೆಲೆಯಲ್ಲಿ ಕಾಲೇಜುಗಳಿಗೆ ಸುಸಜ್ಜಿತ ಕಟ್ಟಡ, ಮೂಲಸೌಕರ್ಯಗಳನ್ನು ಕಲ್ಪಿಸಲಾಗುತ್ತಿದೆ. ಇದನ್ನು ಸಮರ್ಪಕವಾಗಿ ಬಳಸಿಕೊಂಡು ವಿದ್ಯಾರ್ಥಿಗಳು ಉತ್ತಮ ಶಿಕ್ಷಣ ಪಡೆಯಬೇಕು. ಒಂದು ಹೆಜ್ಜೆ ಮುಂದೆ ಹೋಗಿ ಶಿಕ್ಷಣದಿಂದ ಯಾರೂ ವಂಚಿತರಾಗಬಾರದು ಎಂದು ಶಾಸಕ ಭೀಮಸೇನ ಚಿಮ್ಮನಕಟ್ಟಿ ಹೇಳಿದರು. ಪಟ್ಟಣದ ಎಚ್‌ಪಿ ಪೆಟ್ರೋಲ್ ಬಂಕ್ ಹಿಂಭಾಗದಲ್ಲಿ 2022-23ನೇ ಸಾಲಿನ ವಿಶೇಷ ಅಭಿವೃದ್ಧಿ ಯೋಜನೆಯಡಿ 2 ಕೋಟಿ ರೂ. ವೆಚ್ಚದಲ್ಲಿ ನಿರ್ಮಿಸಲಿರುವ ಸರ್ಕಾರಿ ಪ್ರಥಮ ದರ್ಜೆ ಕಾಲೇಜು ಕಟ್ಟಡ ಕಾಮಗಾರಿಗೆ ಭೂಮಿಪೂಜೆ ನೆರವೇರಿಸಿ ಮಾತನಾಡಿದರು.
ಭೂಮಿಪೂಜೆ
ಕಾಮಗಾರಿಗೆ ಭೂಮಿಪೂಜೆ ನೆರವೇರಿಸಿ ಅವರು ಮಾತನಾಡಿದರು. ಪದವಿ ಕಾಲೇಜಿನ ಕಟ್ಟಡ ಸರ್ಕಾರದ ಅನುದಾನ ಸದ್ಬಳಕೆ ಮಾಡಿಕೊಂಡು ಗುಣಮಟ್ಟದ ಕಾಮಗಾರಿ ನಿರ್ವಹಿಸಬೇಕು. ಮುಖ್ಯಮಂತ್ರಿ ಸಿದ್ದರಾಮಯ್ಯ ಅವರು ಶಿಕ್ಷಣ ಕ್ಷೇತ್ರಕ್ಕೆ ಹೆಚ್ಚಿನ ಆದ್ಯತೆ ನೀಡುತ್ತಿದ್ದಾರೆ ಎಂದು ಶಾಸಕ ಚಿಮ್ಮನಕಟ್ಟಿ ಹೇಳಿದರು.
ಒಂದಿಷ್ಟು ರಸ್ತೆ ಕಾಮಗಾರಿ ಬಾಕಿಉಳಿದಿರುವುದರಿಂದ ನೆರೆಗುಂದಿ ಜಿಲ್ಲಾ ಪಂಚಾಯಿತಿಗೆ ಬಹುಮಟ್ಟು ತೊಂದರೆಯಾಗುತ್ತಿದೆ. ಈ ಕುರಿತು ಸಂಬಂಧಪಟ್ಟ ಅಧಿಕಾರಿಗಳೊಂದಿಗೆ ಚರ್ಚಿಸಿ ಕ್ರಮ ಕೈಗೊಳ್ಳಲಾಗುವುದು ಎಂದರು. ಕಾರ್ಯಕ್ರಮದಲ್ಲಿ ಪುರಸಭೆ ಅಧ್ಯಕ್ಷ, ಉಪಾಧ್ಯಕ್ಷ, ಸದಸ್ಯರು, ಕಾಂಗ್ರೆಸ್ ಬ್ಲಾಕ್ ಅಧ್ಯಕ್ಷ, ಪುರಸಭೆ ಮಾಜಿ ಅಧ್ಯಕ್ಷರು, ಕಾಲೇಜು ಅಭಿವೃದ್ಧಿ ಸಮಿತಿ ಸದಸ್ಯರು, ಪ್ರಾಚಾರ್ಯರು, ಉಪನ್ಯಾಸಕರು ಹಾಗೂ ಗ್ರಾಮದ ಗಣ್ಯರು ಉಪಸ್ಥಿತರಿದ್ದರು. ಪ್ರಾಚಾರ್ಯರು ಸ್ವಾಗತಿಸಿದರು. ಉಪನ್ಯಾಸಕರು ನಿರೂಪಿಸಿದರು. ಕಾಲೇಜಿನ ಪ್ರಾಧ್ಯಾಪಕರು ವಂದಿಸಿದರು.
